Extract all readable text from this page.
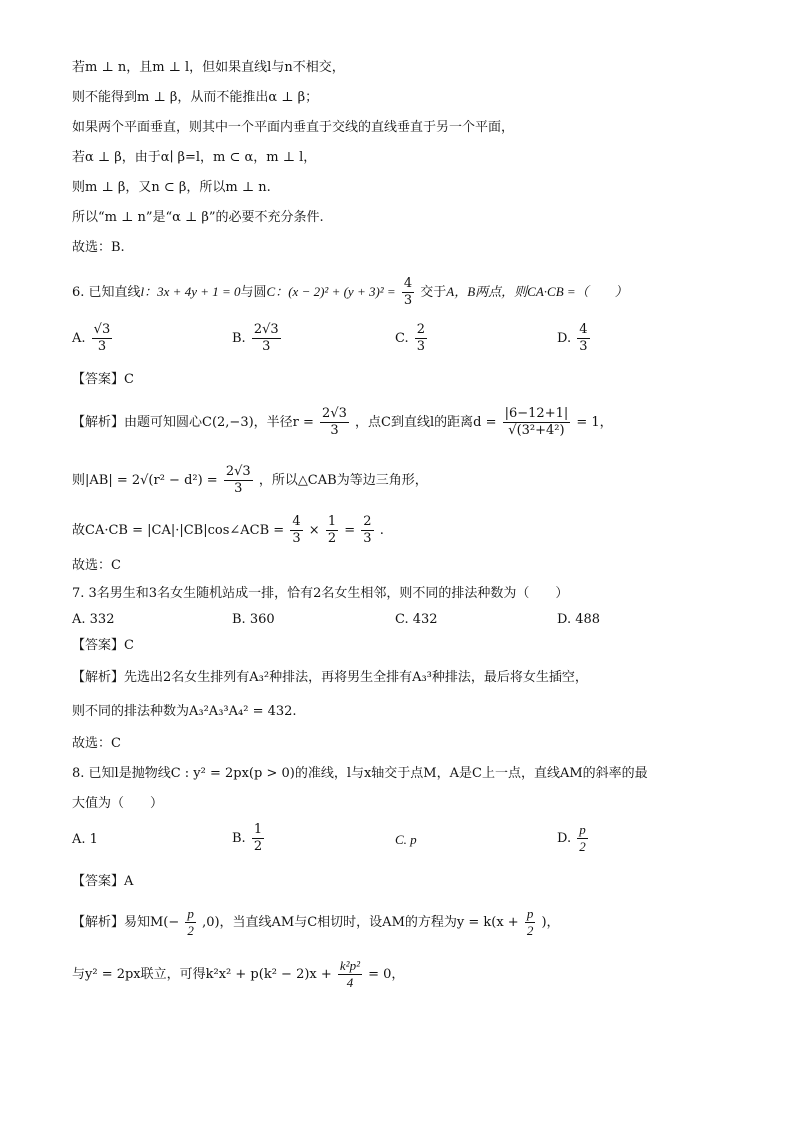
若m ⊥ n，且m ⊥ l，但如果直线l与n不相交，
则不能得到m ⊥ β，从而不能推出α ⊥ β；
如果两个平面垂直，则其中一个平面内垂直于交线的直线垂直于另一个平面，
若α ⊥ β，由于α∣ β=l，m ⊂ α，m ⊥ l，
则m ⊥ β，又n ⊂ β，所以m ⊥ n.
所以“m ⊥ n”是“α ⊥ β”的必要不充分条件.
故选：B.
6. 已知直线l：3x + 4y + 1 = 0与圆C：$(x - 2)^2 + (y + 3)^2 = \frac{4}{3}$ 交于A，B两点，则CA·CB =（　　）
A. $\frac{√3}{3}$	B. $\frac{2√3}{3}$	C. $\frac{2}{3}$	D. $\frac{4}{3}$
【答案】C
【解析】由题可知圆心C(2,−3)，半径$r = \frac{2√3}{3}$ ，点C到直线l的距离$d = \frac{|6-12+1|}{\text{√(3²+4²)}} = 1$，
则$|AB| = 2√(r^2 - d^2) = \frac{2√3}{3}$ ，所以△CAB为等边三角形，
故CA·CB = |CA|·|CB|cos∠ACB = $\frac{4}{3} \times \frac{1}{2} = \frac{2}{3}$ .
故选：C
7. 3名男生和3名女生随机站成一排，恰有2名女生相邻，则不同的排法种数为（　　）
A. 332	B. 360	C. 432	D. 488
【答案】C
【解析】先选出2名女生排列有A₃²种排法，再将男生全排有A₃³种排法，最后将女生插空，
则不同的排法种数为A₃²A₃³A₄² = 432.
故选：C
8. 已知l是抛物线C : y² = 2px(p > 0)的准线，l与x轴交于点M，A是C上一点，直线AM的斜率的最
大值为（　　）
A. 1	B. $\frac{1}{2}$	C. p	D. $\frac{p}{2}$
【答案】A
【解析】易知$M(- \frac{p}{2} ,0)$，当直线AM与C相切时，设AM的方程为$y = k(x + \frac{p}{2}$ )，
与y² = 2px联立，可得$k^2x^2 + p(k^2 - 2)x + \frac{\text{k²p²}}{4} = 0$，
